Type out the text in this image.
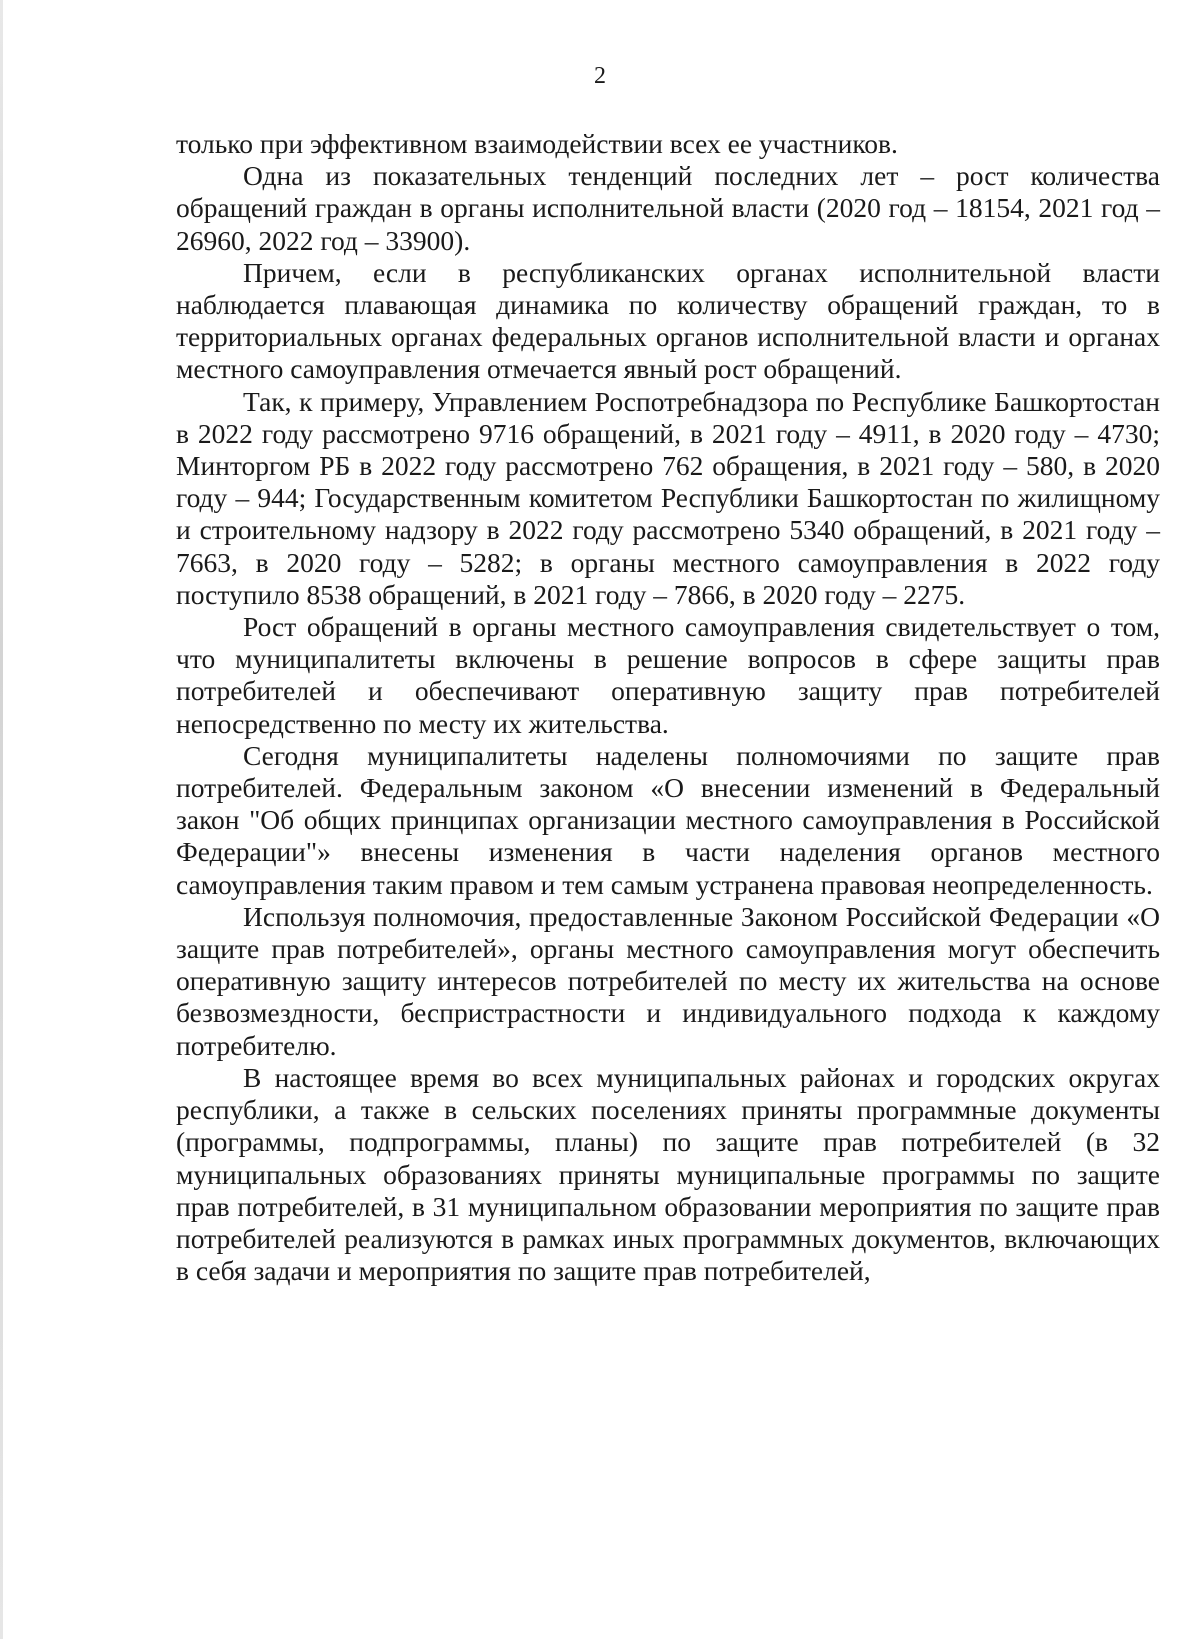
2

только при эффективном взаимодействии всех ее участников.

Одна из показательных тенденций последних лет – рост количества обращений граждан в органы исполнительной власти (2020 год – 18154, 2021 год – 26960, 2022 год – 33900).

Причем, если в республиканских органах исполнительной власти наблюдается плавающая динамика по количеству обращений граждан, то в территориальных органах федеральных органов исполнительной власти и органах местного самоуправления отмечается явный рост обращений.

Так, к примеру, Управлением Роспотребнадзора по Республике Башкортостан в 2022 году рассмотрено 9716 обращений, в 2021 году – 4911, в 2020 году – 4730; Минторгом РБ в 2022 году рассмотрено 762 обращения, в 2021 году – 580, в 2020 году – 944; Государственным комитетом Республики Башкортостан по жилищному и строительному надзору в 2022 году рассмотрено 5340 обращений, в 2021 году – 7663, в 2020 году – 5282; в органы местного самоуправления в 2022 году поступило 8538 обращений, в 2021 году – 7866, в 2020 году – 2275.

Рост обращений в органы местного самоуправления свидетельствует о том, что муниципалитеты включены в решение вопросов в сфере защиты прав потребителей и обеспечивают оперативную защиту прав потребителей непосредственно по месту их жительства.

Сегодня муниципалитеты наделены полномочиями по защите прав потребителей. Федеральным законом «О внесении изменений в Федеральный закон "Об общих принципах организации местного самоуправления в Российской Федерации"» внесены изменения в части наделения органов местного самоуправления таким правом и тем самым устранена правовая неопределенность.

Используя полномочия, предоставленные Законом Российской Федерации «О защите прав потребителей», органы местного самоуправления могут обеспечить оперативную защиту интересов потребителей по месту их жительства на основе безвозмездности, беспристрастности и индивидуального подхода к каждому потребителю.

В настоящее время во всех муниципальных районах и городских округах республики, а также в сельских поселениях приняты программные документы (программы, подпрограммы, планы) по защите прав потребителей (в 32 муниципальных образованиях приняты муниципальные программы по защите прав потребителей, в 31 муниципальном образовании мероприятия по защите прав потребителей реализуются в рамках иных программных документов, включающих в себя задачи и мероприятия по защите прав потребителей,
